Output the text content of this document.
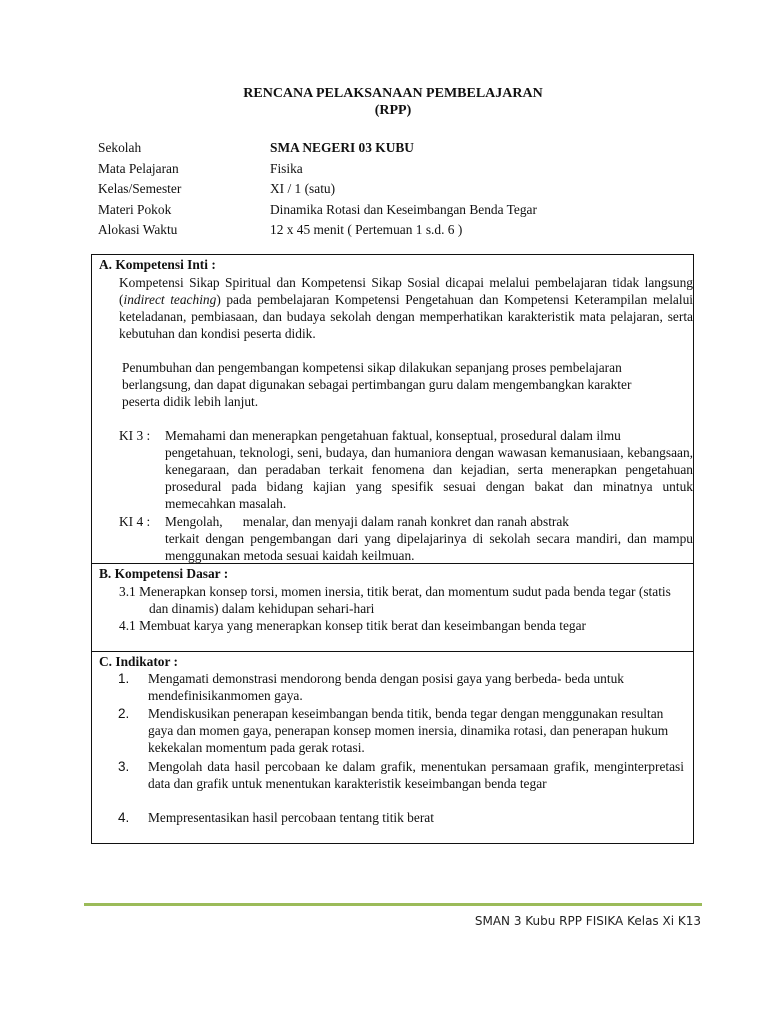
RENCANA PELAKSANAAN PEMBELAJARAN
(RPP)
Sekolah	SMA NEGERI 03 KUBU
Mata Pelajaran	Fisika
Kelas/Semester	XI / 1 (satu)
Materi Pokok	Dinamika Rotasi dan Keseimbangan Benda Tegar
Alokasi Waktu	12 x 45 menit ( Pertemuan 1 s.d. 6 )
A. Kompetensi Inti :
Kompetensi Sikap Spiritual dan Kompetensi Sikap Sosial dicapai melalui pembelajaran tidak langsung (indirect teaching) pada pembelajaran Kompetensi Pengetahuan dan Kompetensi Keterampilan melalui keteladanan, pembiasaan, dan budaya sekolah dengan memperhatikan karakteristik mata pelajaran, serta kebutuhan dan kondisi peserta didik.
Penumbuhan dan pengembangan kompetensi sikap dilakukan sepanjang proses pembelajaran berlangsung, dan dapat digunakan sebagai pertimbangan guru dalam mengembangkan karakter peserta didik lebih lanjut.
KI 3 :	Memahami dan menerapkan pengetahuan faktual, konseptual, prosedural dalam ilmu
pengetahuan, teknologi, seni, budaya, dan humaniora dengan wawasan kemanusiaan, kebangsaan, kenegaraan, dan peradaban terkait fenomena dan kejadian, serta menerapkan pengetahuan prosedural pada bidang kajian yang spesifik sesuai dengan bakat dan minatnya untuk memecahkan masalah.
KI 4 :	Mengolah,      menalar, dan menyaji dalam ranah konkret dan ranah abstrak
terkait dengan pengembangan dari yang dipelajarinya di sekolah secara mandiri, dan mampu menggunakan metoda sesuai kaidah keilmuan.
B. Kompetensi Dasar :
3.1 Menerapkan konsep torsi, momen inersia, titik berat, dan momentum sudut pada benda tegar (statis dan dinamis) dalam kehidupan sehari-hari
4.1 Membuat karya yang menerapkan konsep titik berat dan keseimbangan benda tegar
C. Indikator :
1.	Mengamati demonstrasi mendorong benda dengan posisi gaya yang berbeda- beda untuk mendefinisikanmomen gaya.
2.	Mendiskusikan penerapan keseimbangan benda titik, benda tegar dengan menggunakan resultan gaya dan momen gaya, penerapan konsep momen inersia, dinamika rotasi, dan penerapan hukum kekekalan momentum pada gerak rotasi.
3.	Mengolah data hasil percobaan ke dalam grafik, menentukan persamaan grafik, menginterpretasi data dan grafik untuk menentukan karakteristik keseimbangan benda tegar
4.	Mempresentasikan hasil percobaan tentang titik berat
SMAN 3 Kubu RPP FISIKA Kelas Xi K13
